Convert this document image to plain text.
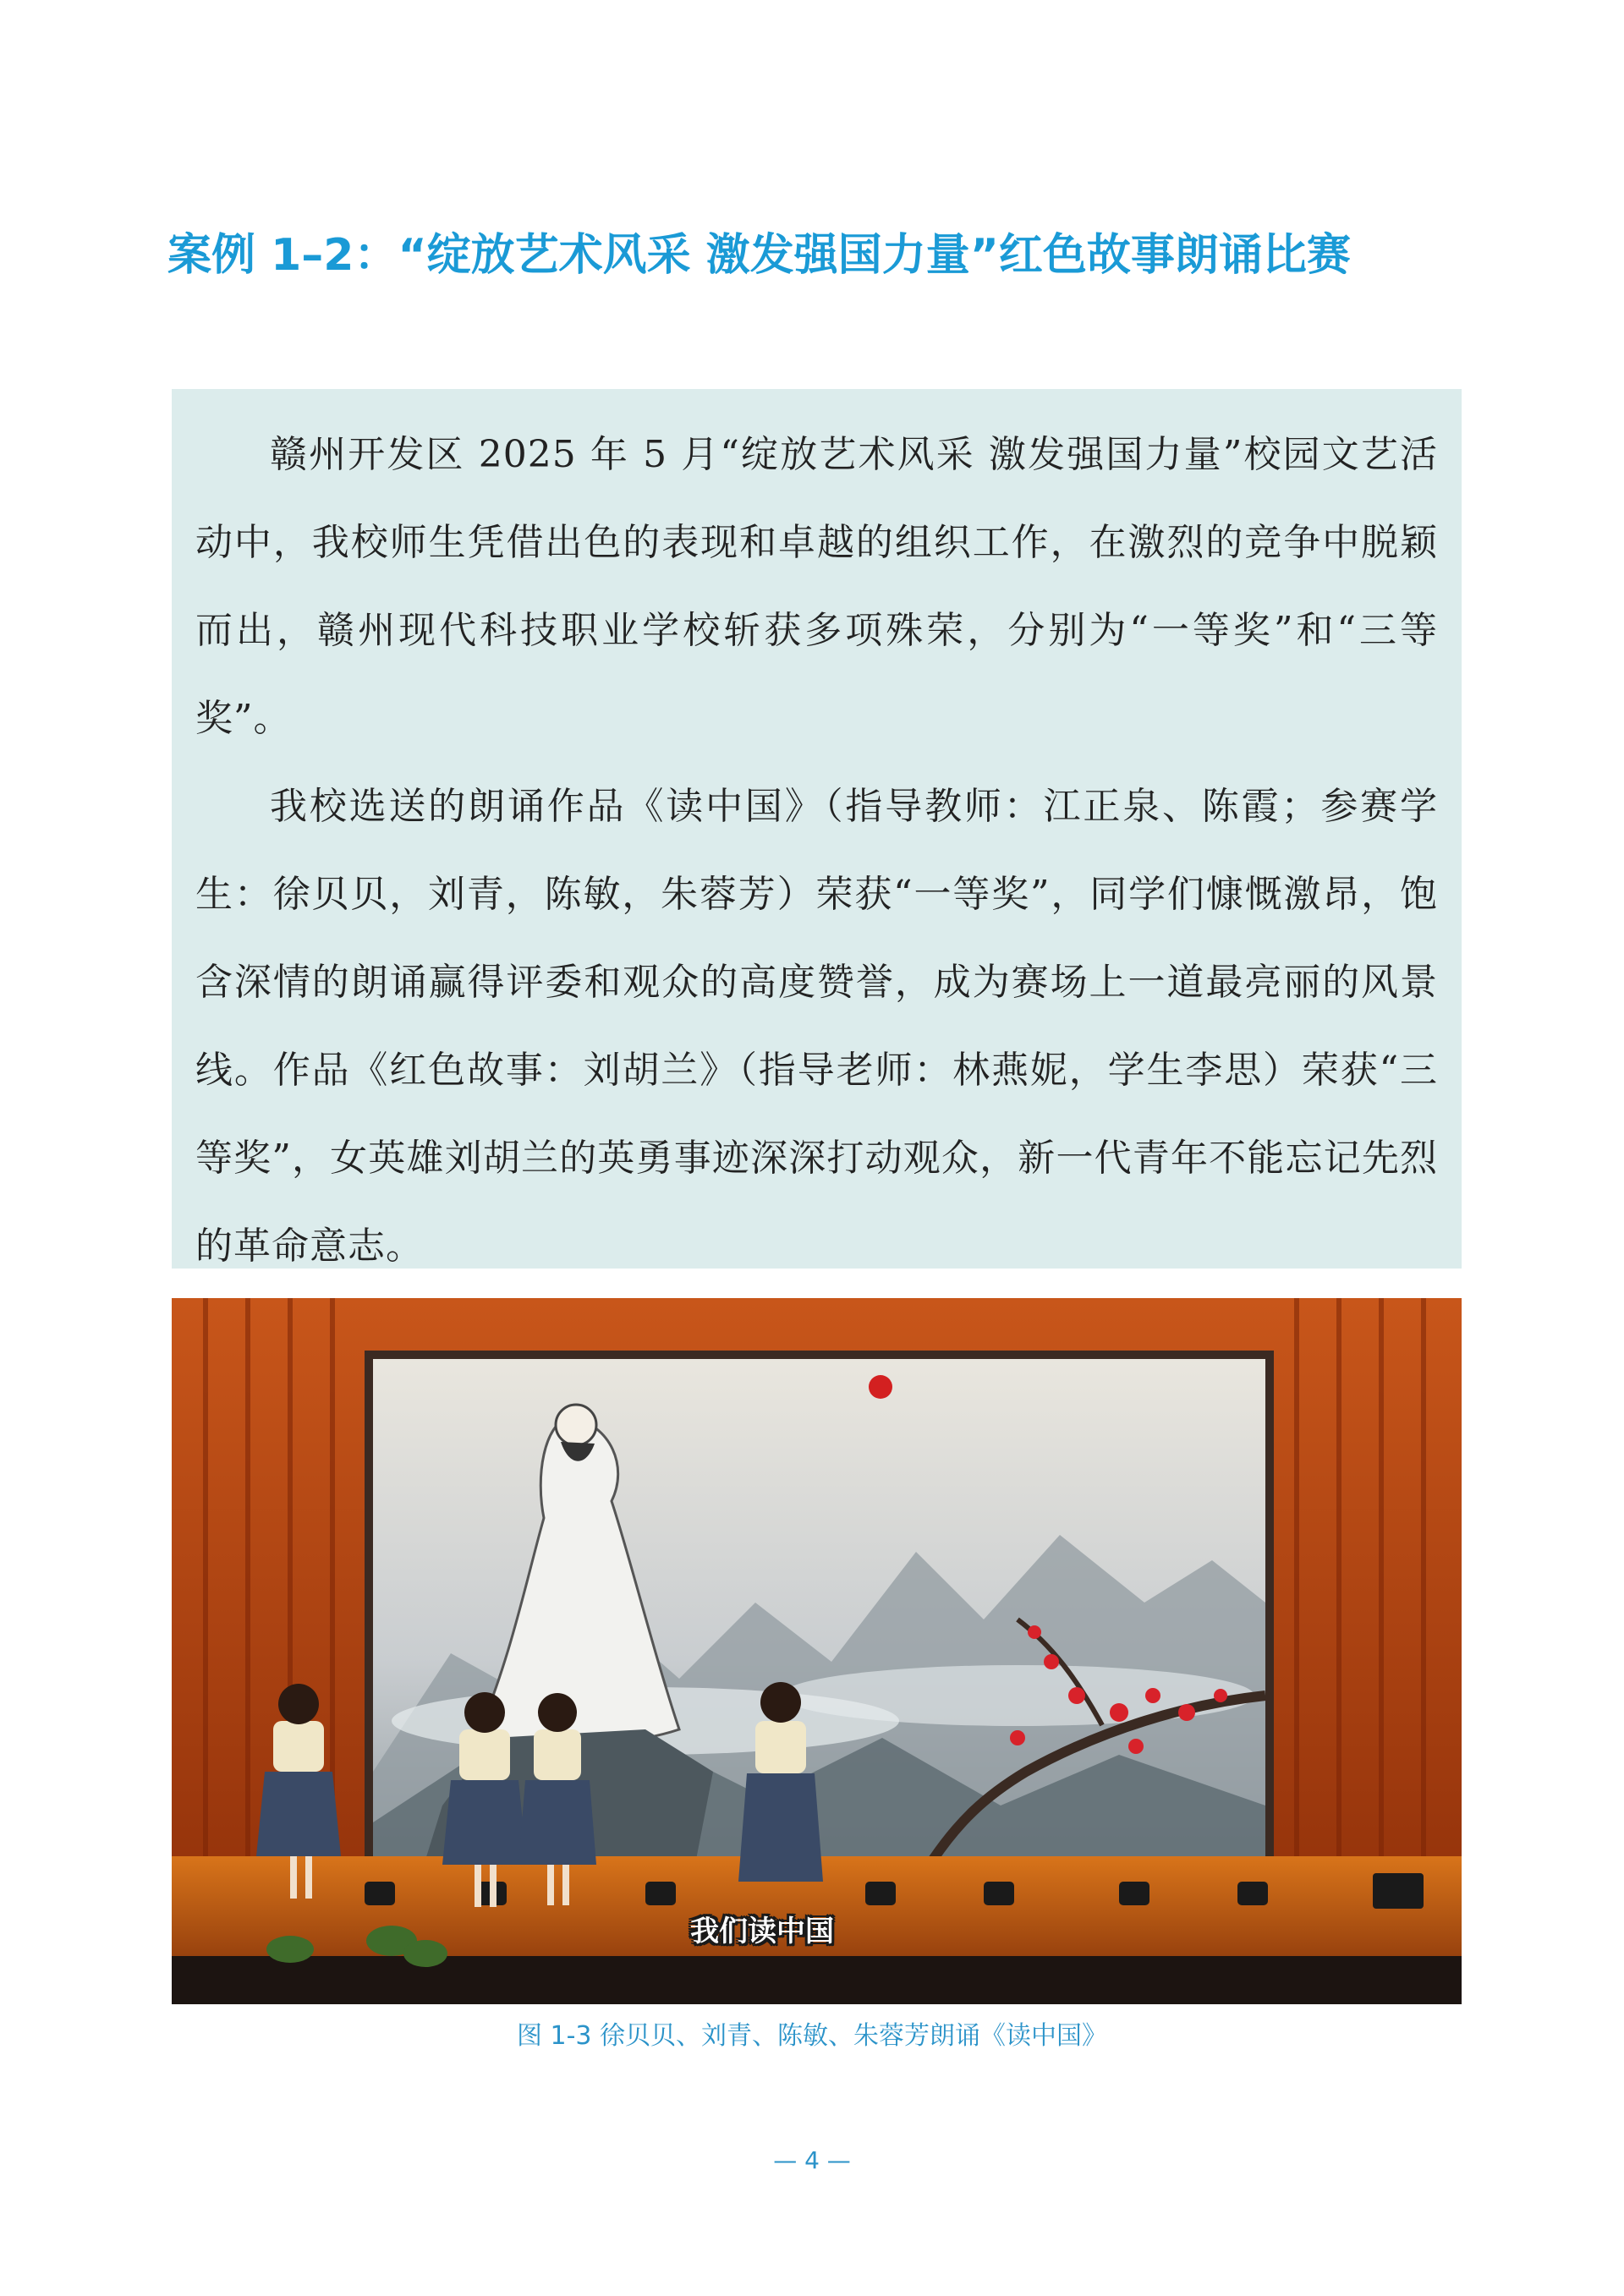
案例 1–2：“绽放艺术风采 激发强国力量”红色故事朗诵比赛

赣州开发区 2025 年 5 月“绽放艺术风采 激发强国力量”校园文艺活动中，我校师生凭借出色的表现和卓越的组织工作，在激烈的竞争中脱颖而出，赣州现代科技职业学校斩获多项殊荣，分别为“一等奖”和“三等奖”。

我校选送的朗诵作品《读中国》（指导教师：江正泉、陈霞；参赛学生：徐贝贝，刘青，陈敏，朱蓉芳）荣获“一等奖”，同学们慷慨激昂，饱含深情的朗诵赢得评委和观众的高度赞誉，成为赛场上一道最亮丽的风景线。作品《红色故事：刘胡兰》（指导老师：林燕妮，学生李思）荣获“三等奖”，女英雄刘胡兰的英勇事迹深深打动观众，新一代青年不能忘记先烈的革命意志。

我们读中国
图 1-3 徐贝贝、刘青、陈敏、朱蓉芳朗诵《读中国》
— 4 —
